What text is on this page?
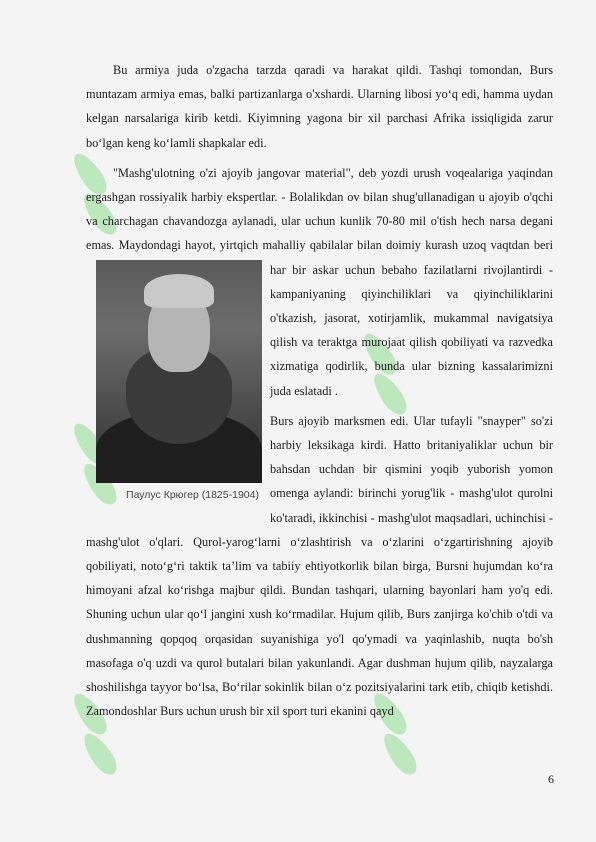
Bu armiya juda o'zgacha tarzda qaradi va harakat qildi. Tashqi tomondan, Burs muntazam armiya emas, balki partizanlarga o'xshardi. Ularning libosi yo‘q edi, hamma uydan kelgan narsalariga kirib ketdi. Kiyimning yagona bir xil parchasi Afrika issiqligida zarur bo‘lgan keng ko‘lamli shapkalar edi.

"Mashg'ulotning o'zi ajoyib jangovar material", deb yozdi urush voqealariga yaqindan ergashgan rossiyalik harbiy ekspertlar. - Bolalikdan ov bilan shug'ullanadigan u ajoyib o'qchi va charchagan chavandozga aylanadi, ular uchun kunlik 70-80 mil o'tish hech narsa degani emas. Maydondagi hayot, yirtqich mahalliy qabilalar bilan doimiy kurash uzoq vaqtdan beri har bir askar uchun
Паулус Крюгер (1825-1904)
bebaho fazilatlarni rivojlantirdi - kampaniyaning qiyinchiliklari va qiyinchiliklarini o'tkazish, jasorat, xotirjamlik, mukammal navigatsiya qilish va teraktga murojaat qilish qobiliyati va razvedka xizmatiga qodirlik, bunda ular bizning kassalarimizni juda eslatadi .

Burs ajoyib marksmen edi. Ular tufayli "snayper" so'zi harbiy leksikaga kirdi. Hatto britaniyaliklar uchun bir bahsdan uchdan bir qismini yoqib yuborish yomon omenga aylandi: birinchi yorug'lik - mashg'ulot qurolni ko'taradi, ikkinchisi - mashg'ulot maqsadlari, uchinchisi - mashg'ulot o'qlari. Qurol-yarog‘larni o‘zlashtirish va o‘zlarini o‘zgartirishning ajoyib qobiliyati, noto‘g‘ri taktik ta’lim va tabiiy ehtiyotkorlik bilan birga, Bursni hujumdan ko‘ra himoyani afzal ko‘rishga majbur qildi. Bundan tashqari, ularning bayonlari ham yo'q edi. Shuning uchun ular qo‘l jangini xush ko‘rmadilar. Hujum qilib, Burs zanjirga ko'chib o'tdi va dushmanning qopqoq orqasidan suyanishiga yo'l qo'ymadi va yaqinlashib, nuqta bo'sh masofaga o'q uzdi va qurol butalari bilan yakunlandi. Agar dushman hujum qilib, nayzalarga shoshilishga tayyor bo‘lsa, Bo‘rilar sokinlik bilan o‘z pozitsiyalarini tark etib, chiqib ketishdi. Zamondoshlar Burs uchun urush bir xil sport turi ekanini qayd

6
